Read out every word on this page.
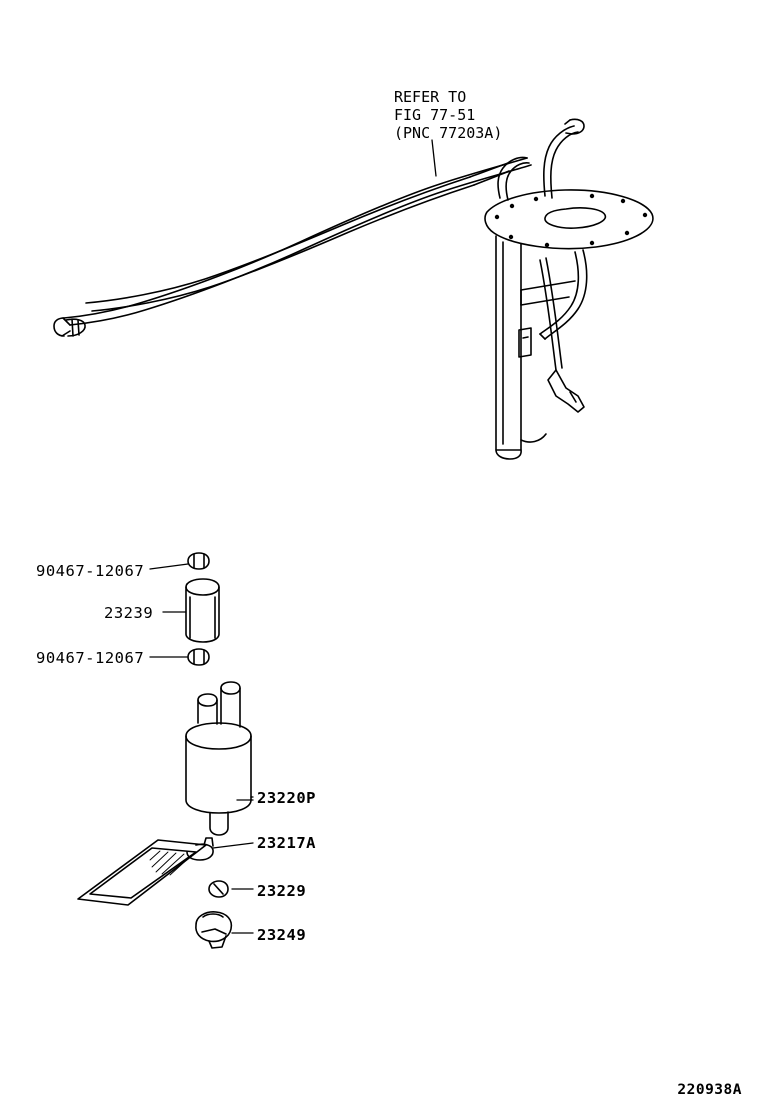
REFER TO
FIG 77-51
(PNC 77203A)
90467-12067
23239
90467-12067
23220P
23217A
23229
23249
220938A
